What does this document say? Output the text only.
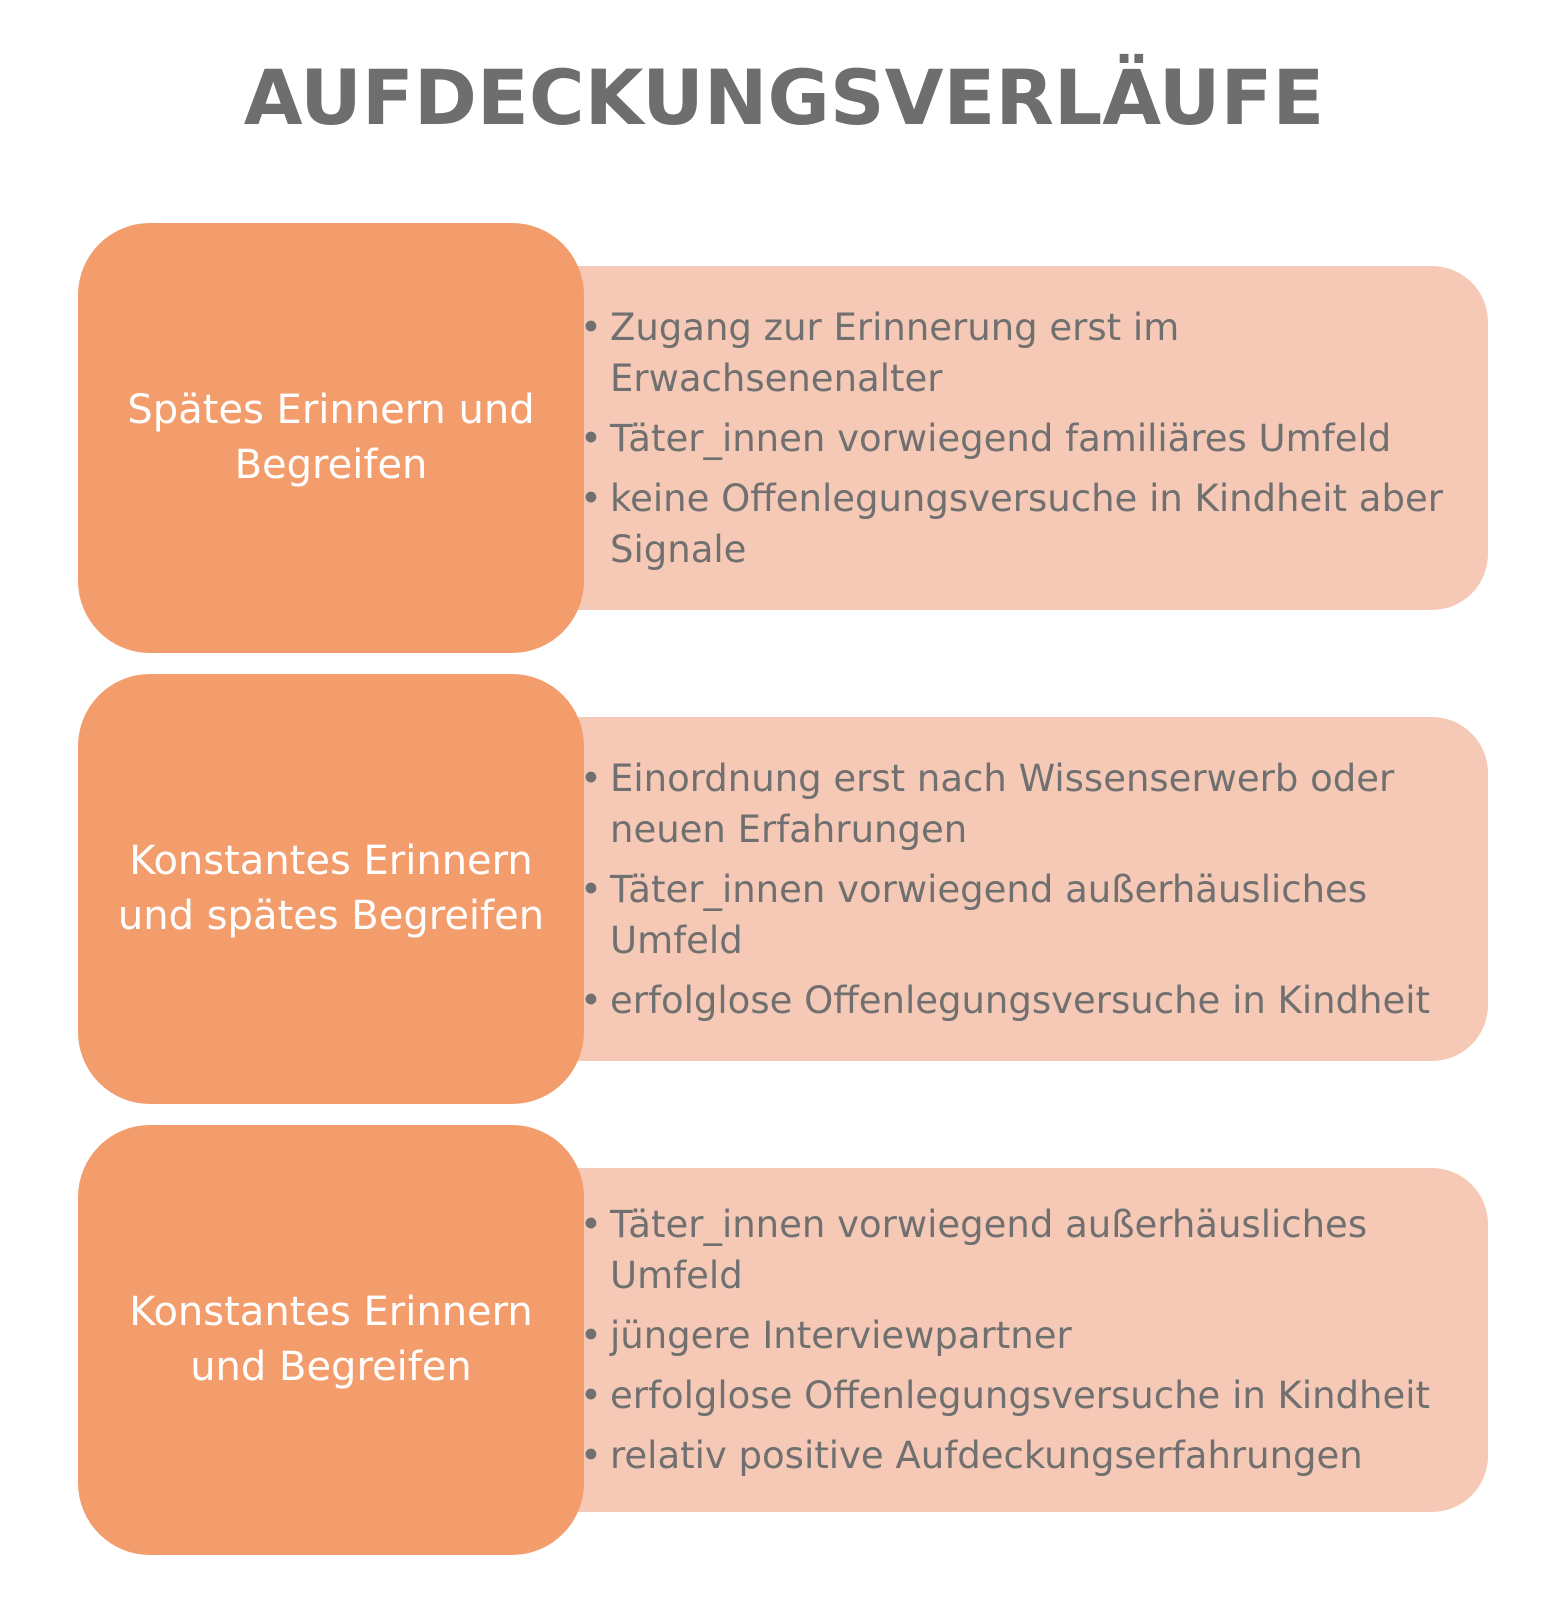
AUFDECKUNGSVERLÄUFE
•
Zugang zur Erinnerung erst im Erwachsenenalter
•
Täter_innen vorwiegend familiäres Umfeld
•
keine Offenlegungsversuche in Kindheit aber Signale
Spätes Erinnern und
Begreifen
•
Einordnung erst nach Wissenserwerb oder neuen Erfahrungen
•
Täter_innen vorwiegend außerhäusliches Umfeld
•
erfolglose Offenlegungsversuche in Kindheit
Konstantes Erinnern
und spätes Begreifen
•
Täter_innen vorwiegend außerhäusliches Umfeld
•
jüngere Interviewpartner
•
erfolglose Offenlegungsversuche in Kindheit
•
relativ positive Aufdeckungserfahrungen
Konstantes Erinnern
und Begreifen
